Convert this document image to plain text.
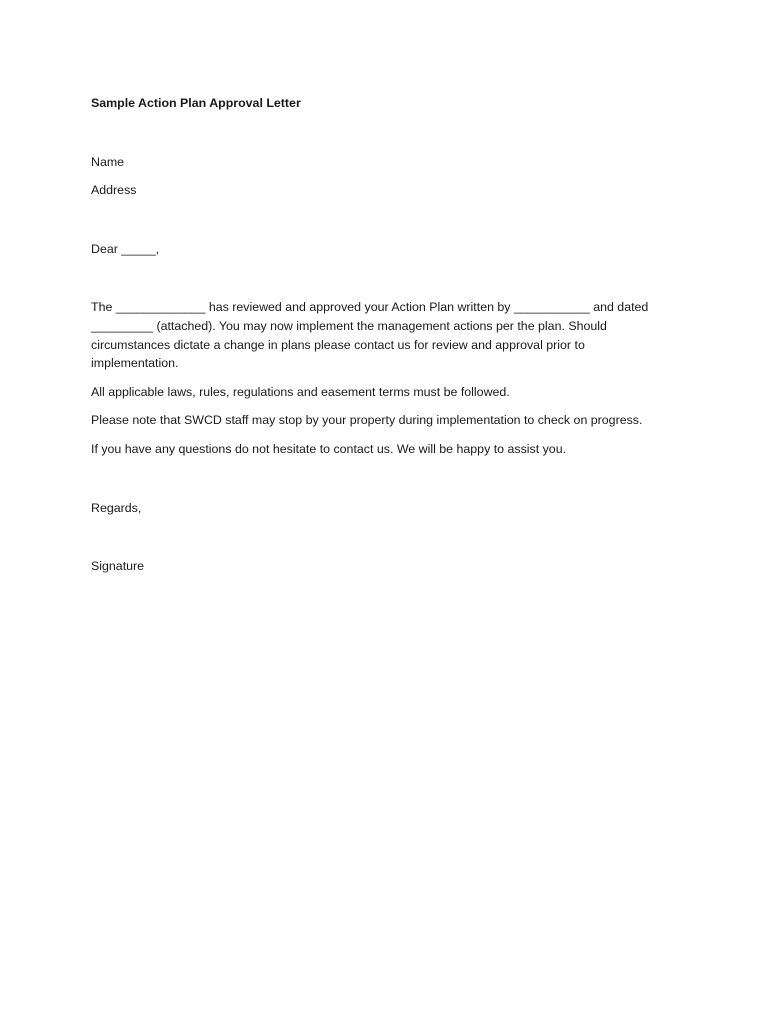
Sample Action Plan Approval Letter

Name

Address

Dear _____,

The _____________ has reviewed and approved your Action Plan written by ___________ and dated _________ (attached). You may now implement the management actions per the plan. Should circumstances dictate a change in plans please contact us for review and approval prior to implementation.

All applicable laws, rules, regulations and easement terms must be followed.

Please note that SWCD staff may stop by your property during implementation to check on progress.

If you have any questions do not hesitate to contact us. We will be happy to assist you.

Regards,

Signature
